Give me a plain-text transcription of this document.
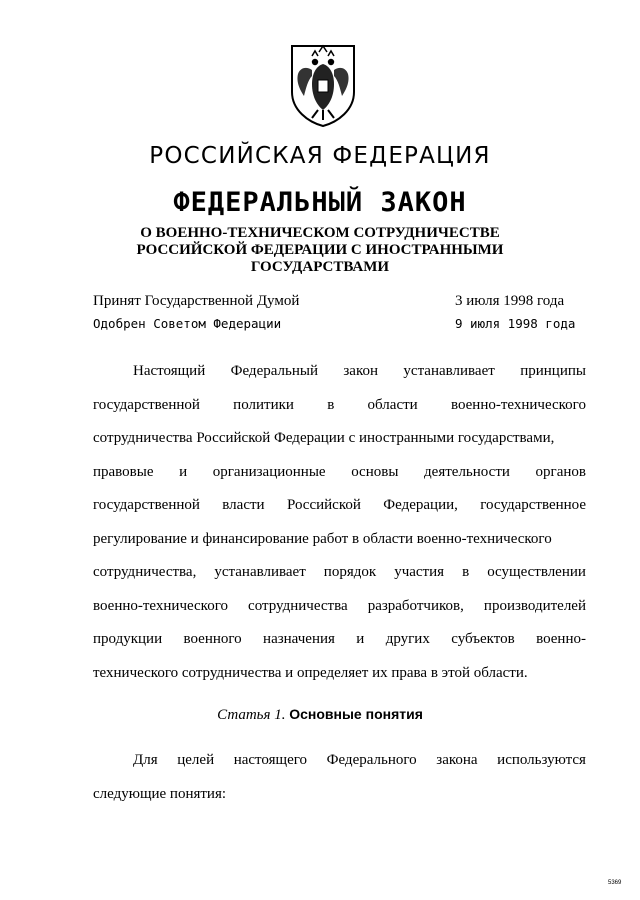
РОССИЙСКАЯ ФЕДЕРАЦИЯ
ФЕДЕРАЛЬНЫЙ ЗАКОН
О ВОЕННО-ТЕХНИЧЕСКОМ СОТРУДНИЧЕСТВЕ
РОССИЙСКОЙ ФЕДЕРАЦИИ С ИНОСТРАННЫМИ
ГОСУДАРСТВАМИ
Принят Государственной Думой	3 июля 1998 года
Одобрен Советом Федерации	9 июля 1998 года
Настоящий Федеральный закон устанавливает принципы
государственной политики в области военно-технического
сотрудничества Российской Федерации с иностранными государствами,
правовые и организационные основы деятельности органов
государственной власти Российской Федерации, государственное
регулирование и финансирование работ в области военно-технического
сотрудничества, устанавливает порядок участия в осуществлении
военно-технического сотрудничества разработчиков, производителей
продукции военного назначения и других субъектов военно-
технического сотрудничества и определяет их права в этой области.
Статья 1. Основные понятия
Для целей настоящего Федерального закона используются
следующие понятия:
5369
